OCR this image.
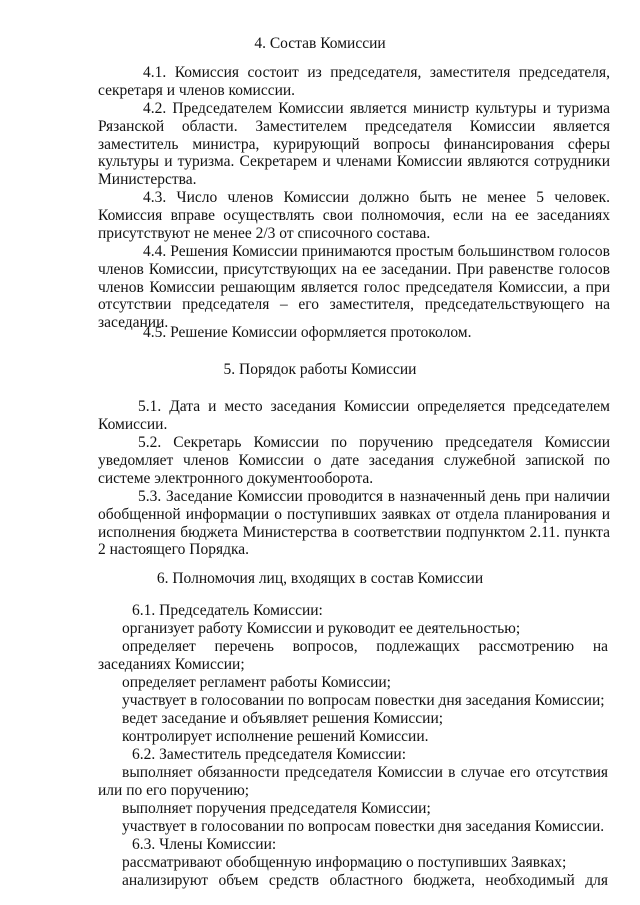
4. Состав Комиссии

4.1. Комиссия состоит из председателя, заместителя председателя, секретаря и членов комиссии.

4.2. Председателем Комиссии является министр культуры и туризма Рязанской области. Заместителем председателя Комиссии является заместитель министра, курирующий вопросы финансирования сферы культуры и туризма. Секретарем и членами Комиссии являются сотрудники Министерства.

4.3. Число членов Комиссии должно быть не менее 5 человек. Комиссия вправе осуществлять свои полномочия, если на ее заседаниях присутствуют не менее 2/3 от списочного состава.

4.4. Решения Комиссии принимаются простым большинством голосов членов Комиссии, присутствующих на ее заседании. При равенстве голосов членов Комиссии решающим является голос председателя Комиссии, а при отсутствии председателя – его заместителя, председательствующего на заседании.

4.5. Решение Комиссии оформляется протоколом.

5. Порядок работы Комиссии

5.1. Дата и место заседания Комиссии определяется председателем Комиссии.

5.2. Секретарь Комиссии по поручению председателя Комиссии уведомляет членов Комиссии о дате заседания служебной запиской по системе электронного документооборота.

5.3. Заседание Комиссии проводится в назначенный день при наличии обобщенной информации о поступивших заявках от отдела планирования и исполнения бюджета Министерства в соответствии подпунктом 2.11. пункта 2 настоящего Порядка.

6. Полномочия лиц, входящих в состав Комиссии

6.1. Председатель Комиссии:

организует работу Комиссии и руководит ее деятельностью;

определяет перечень вопросов, подлежащих рассмотрению на заседаниях Комиссии;

определяет регламент работы Комиссии;

участвует в голосовании по вопросам повестки дня заседания Комиссии;

ведет заседание и объявляет решения Комиссии;

контролирует исполнение решений Комиссии.

6.2. Заместитель председателя Комиссии:

выполняет обязанности председателя Комиссии в случае его отсутствия или по его поручению;

выполняет поручения председателя Комиссии;

участвует в голосовании по вопросам повестки дня заседания Комиссии.

6.3. Члены Комиссии:

рассматривают обобщенную информацию о поступивших Заявках;

анализируют объем средств областного бюджета, необходимый для
